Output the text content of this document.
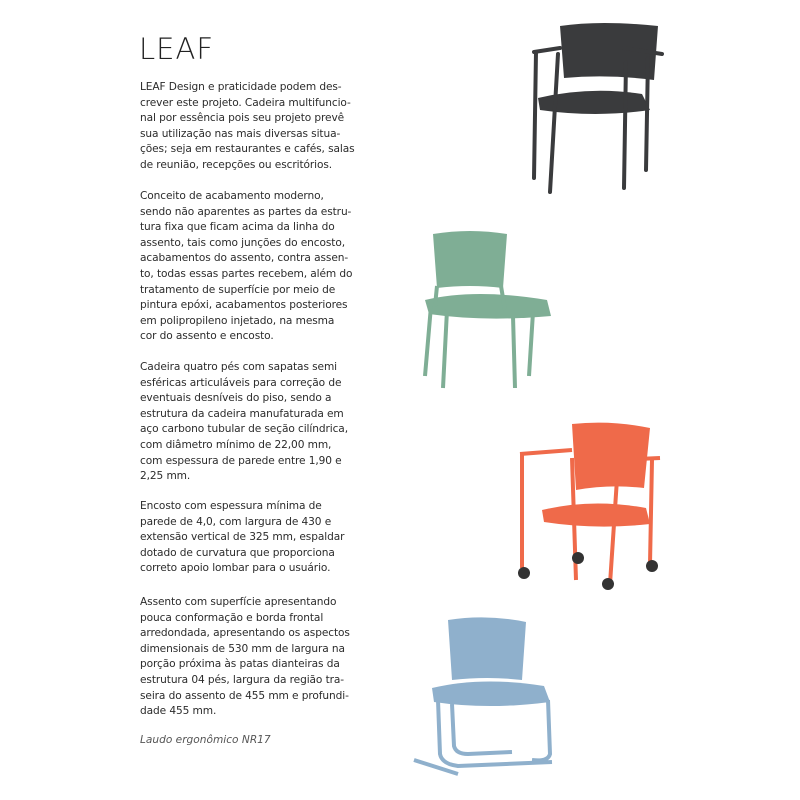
LEAF
LEAF Design e praticidade podem des-
crever este projeto. Cadeira multifuncio-
nal por essência pois seu projeto prevê
sua utilização nas mais diversas situa-
ções; seja em restaurantes e cafés, salas
de reunião, recepções ou escritórios.
Conceito de acabamento moderno,
sendo não aparentes as partes da estru-
tura fixa que ficam acima da linha do
assento, tais como junções do encosto,
acabamentos do assento, contra assen-
to, todas essas partes recebem, além do
tratamento de superfície por meio de
pintura epóxi, acabamentos posteriores
em polipropileno injetado, na mesma
cor do assento e encosto.
Cadeira quatro pés com sapatas semi
esféricas articuláveis para correção de
eventuais desníveis do piso, sendo a
estrutura da cadeira manufaturada em
aço carbono tubular de seção cilíndrica,
com diâmetro mínimo de 22,00 mm,
com espessura de parede entre 1,90 e
2,25 mm.
Encosto com espessura mínima de
parede de 4,0, com largura de 430 e
extensão vertical de 325 mm, espaldar
dotado de curvatura que proporciona
correto apoio lombar para o usuário.
Assento com superfície apresentando
pouca conformação e borda frontal
arredondada, apresentando os aspectos
dimensionais de 530 mm de largura na
porção próxima às patas dianteiras da
estrutura 04 pés, largura da região tra-
seira do assento de 455 mm e profundi-
dade 455 mm.
Laudo ergonômico NR17
